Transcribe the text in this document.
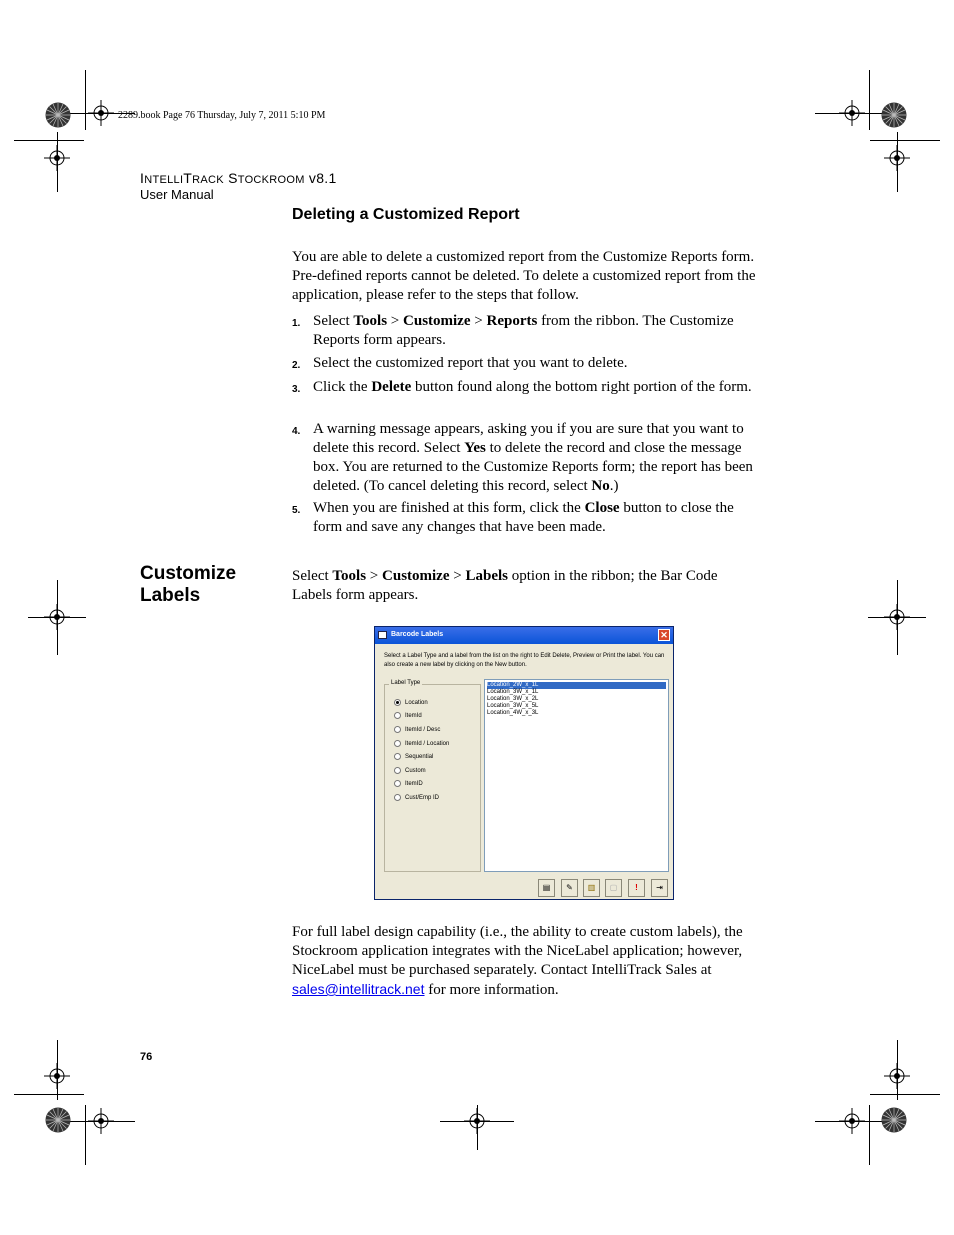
2289.book Page 76 Thursday, July 7, 2011 5:10 PM
INTELLITRACK STOCKROOM v8.1
User Manual
Deleting a Customized Report
You are able to delete a customized report from the Customize Reports form. Pre-defined reports cannot be deleted. To delete a customized report from the application, please refer to the steps that follow.
1. Select Tools > Customize > Reports from the ribbon. The Customize Reports form appears.
2. Select the customized report that you want to delete.
3. Click the Delete button found along the bottom right portion of the form.
4. A warning message appears, asking you if you are sure that you want to delete this record. Select Yes to delete the record and close the message box. You are returned to the Customize Reports form; the report has been deleted. (To cancel deleting this record, select No.)
5. When you are finished at this form, click the Close button to close the form and save any changes that have been made.
Customize Labels
Select Tools > Customize > Labels option in the ribbon; the Bar Code Labels form appears.
Barcode Labels	✕
Select a Label Type and a label from the list on the right to Edit Delete, Preview or Print the label. You can also create a new label by clicking on the New button.
Label Type
Location
ItemId
ItemId / Desc
ItemId / Location
Sequential
Custom
ItemID
Cust/Emp ID
Location_2W_x_1L
Location_3W_x_1L
Location_3W_x_2L
Location_3W_x_5L
Location_4W_x_3L
▤	✎	▥	▢	!	⇥
For full label design capability (i.e., the ability to create custom labels), the Stockroom application integrates with the NiceLabel application; however, NiceLabel must be purchased separately. Contact IntelliTrack Sales at sales@intellitrack.net for more information.
76
